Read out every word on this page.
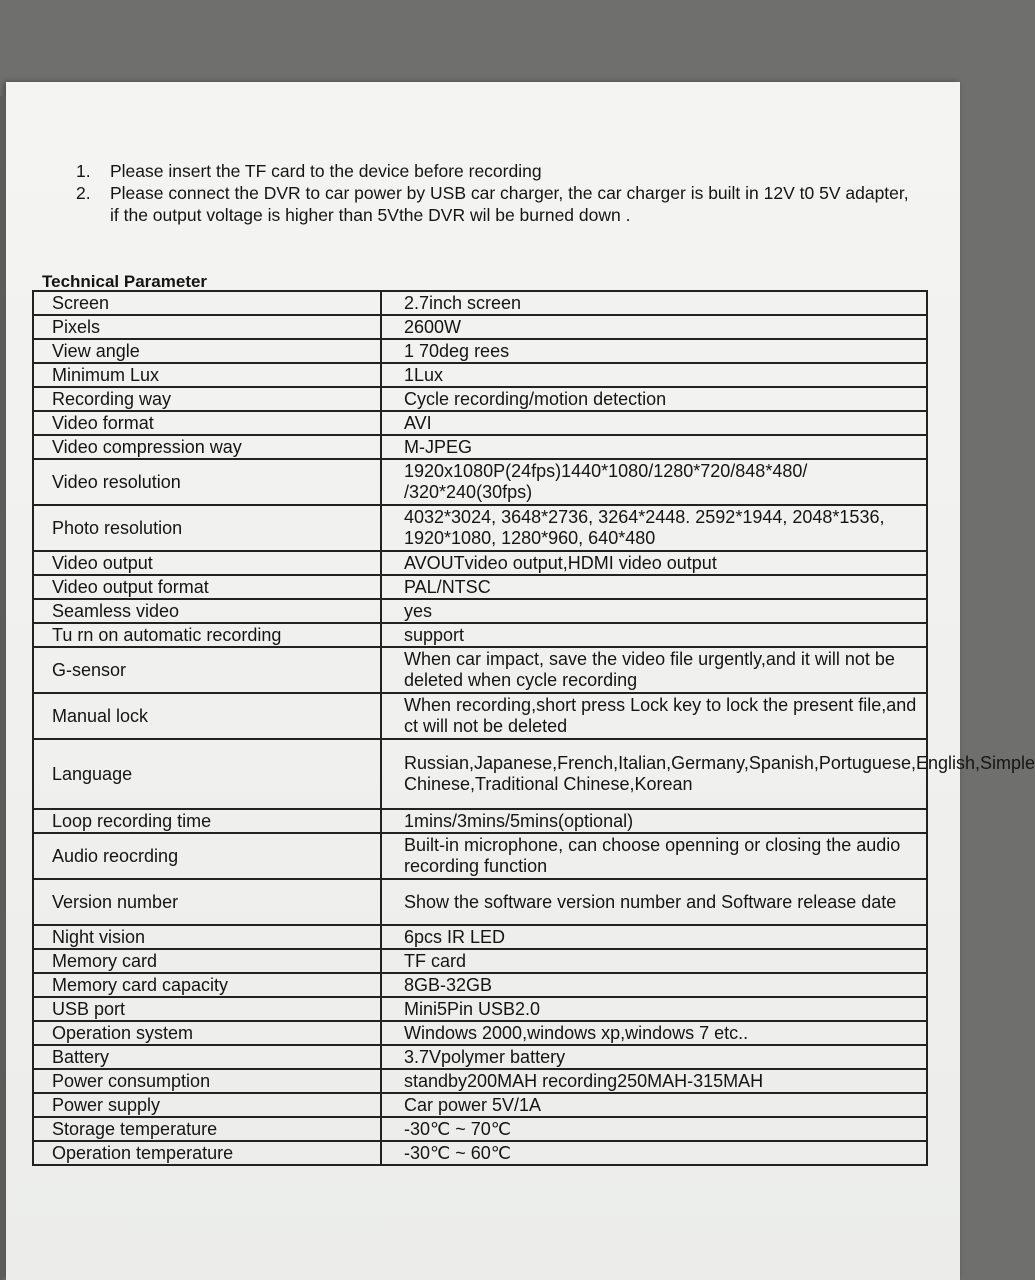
1. Please insert the TF card to the device before recording
2. Please connect the DVR to car power by USB car charger, the car charger is built in 12V t0 5V adapter, if the output voltage is higher than 5Vthe DVR wil be burned down .
Technical Parameter
Screen	2.7inch screen
Pixels	2600W
View angle	1 70deg rees
Minimum Lux	1Lux
Recording way	Cycle recording/motion detection
Video format	AVI
Video compression way	M-JPEG
Video resolution	1920x1080P(24fps)1440*1080/1280*720/848*480/ /320*240(30fps)
Photo resolution	4032*3024, 3648*2736, 3264*2448. 2592*1944, 2048*1536, 1920*1080, 1280*960, 640*480
Video output	AVOUTvideo output,HDMI video output
Video output format	PAL/NTSC
Seamless video	yes
Tu rn on automatic recording	support
G-sensor	When car impact, save the video file urgently,and it will not be deleted when cycle recording
Manual lock	When recording,short press Lock key to lock the present file,and ct will not be deleted
Language	Russian,Japanese,French,Italian,Germany,Spanish,Portuguese,English,Simple Chinese,Traditional Chinese,Korean
Loop recording time	1mins/3mins/5mins(optional)
Audio reocrding	Built-in microphone, can choose openning or closing the audio recording function
Version number	Show the software version number and Software release date
Night vision	6pcs IR LED
Memory card	TF card
Memory card capacity	8GB-32GB
USB port	Mini5Pin USB2.0
Operation system	Windows 2000,windows xp,windows 7 etc..
Battery	3.7Vpolymer battery
Power consumption	standby200MAH recording250MAH-315MAH
Power supply	Car power 5V/1A
Storage temperature	-30℃ ~ 70℃
Operation temperature	-30℃ ~ 60℃
